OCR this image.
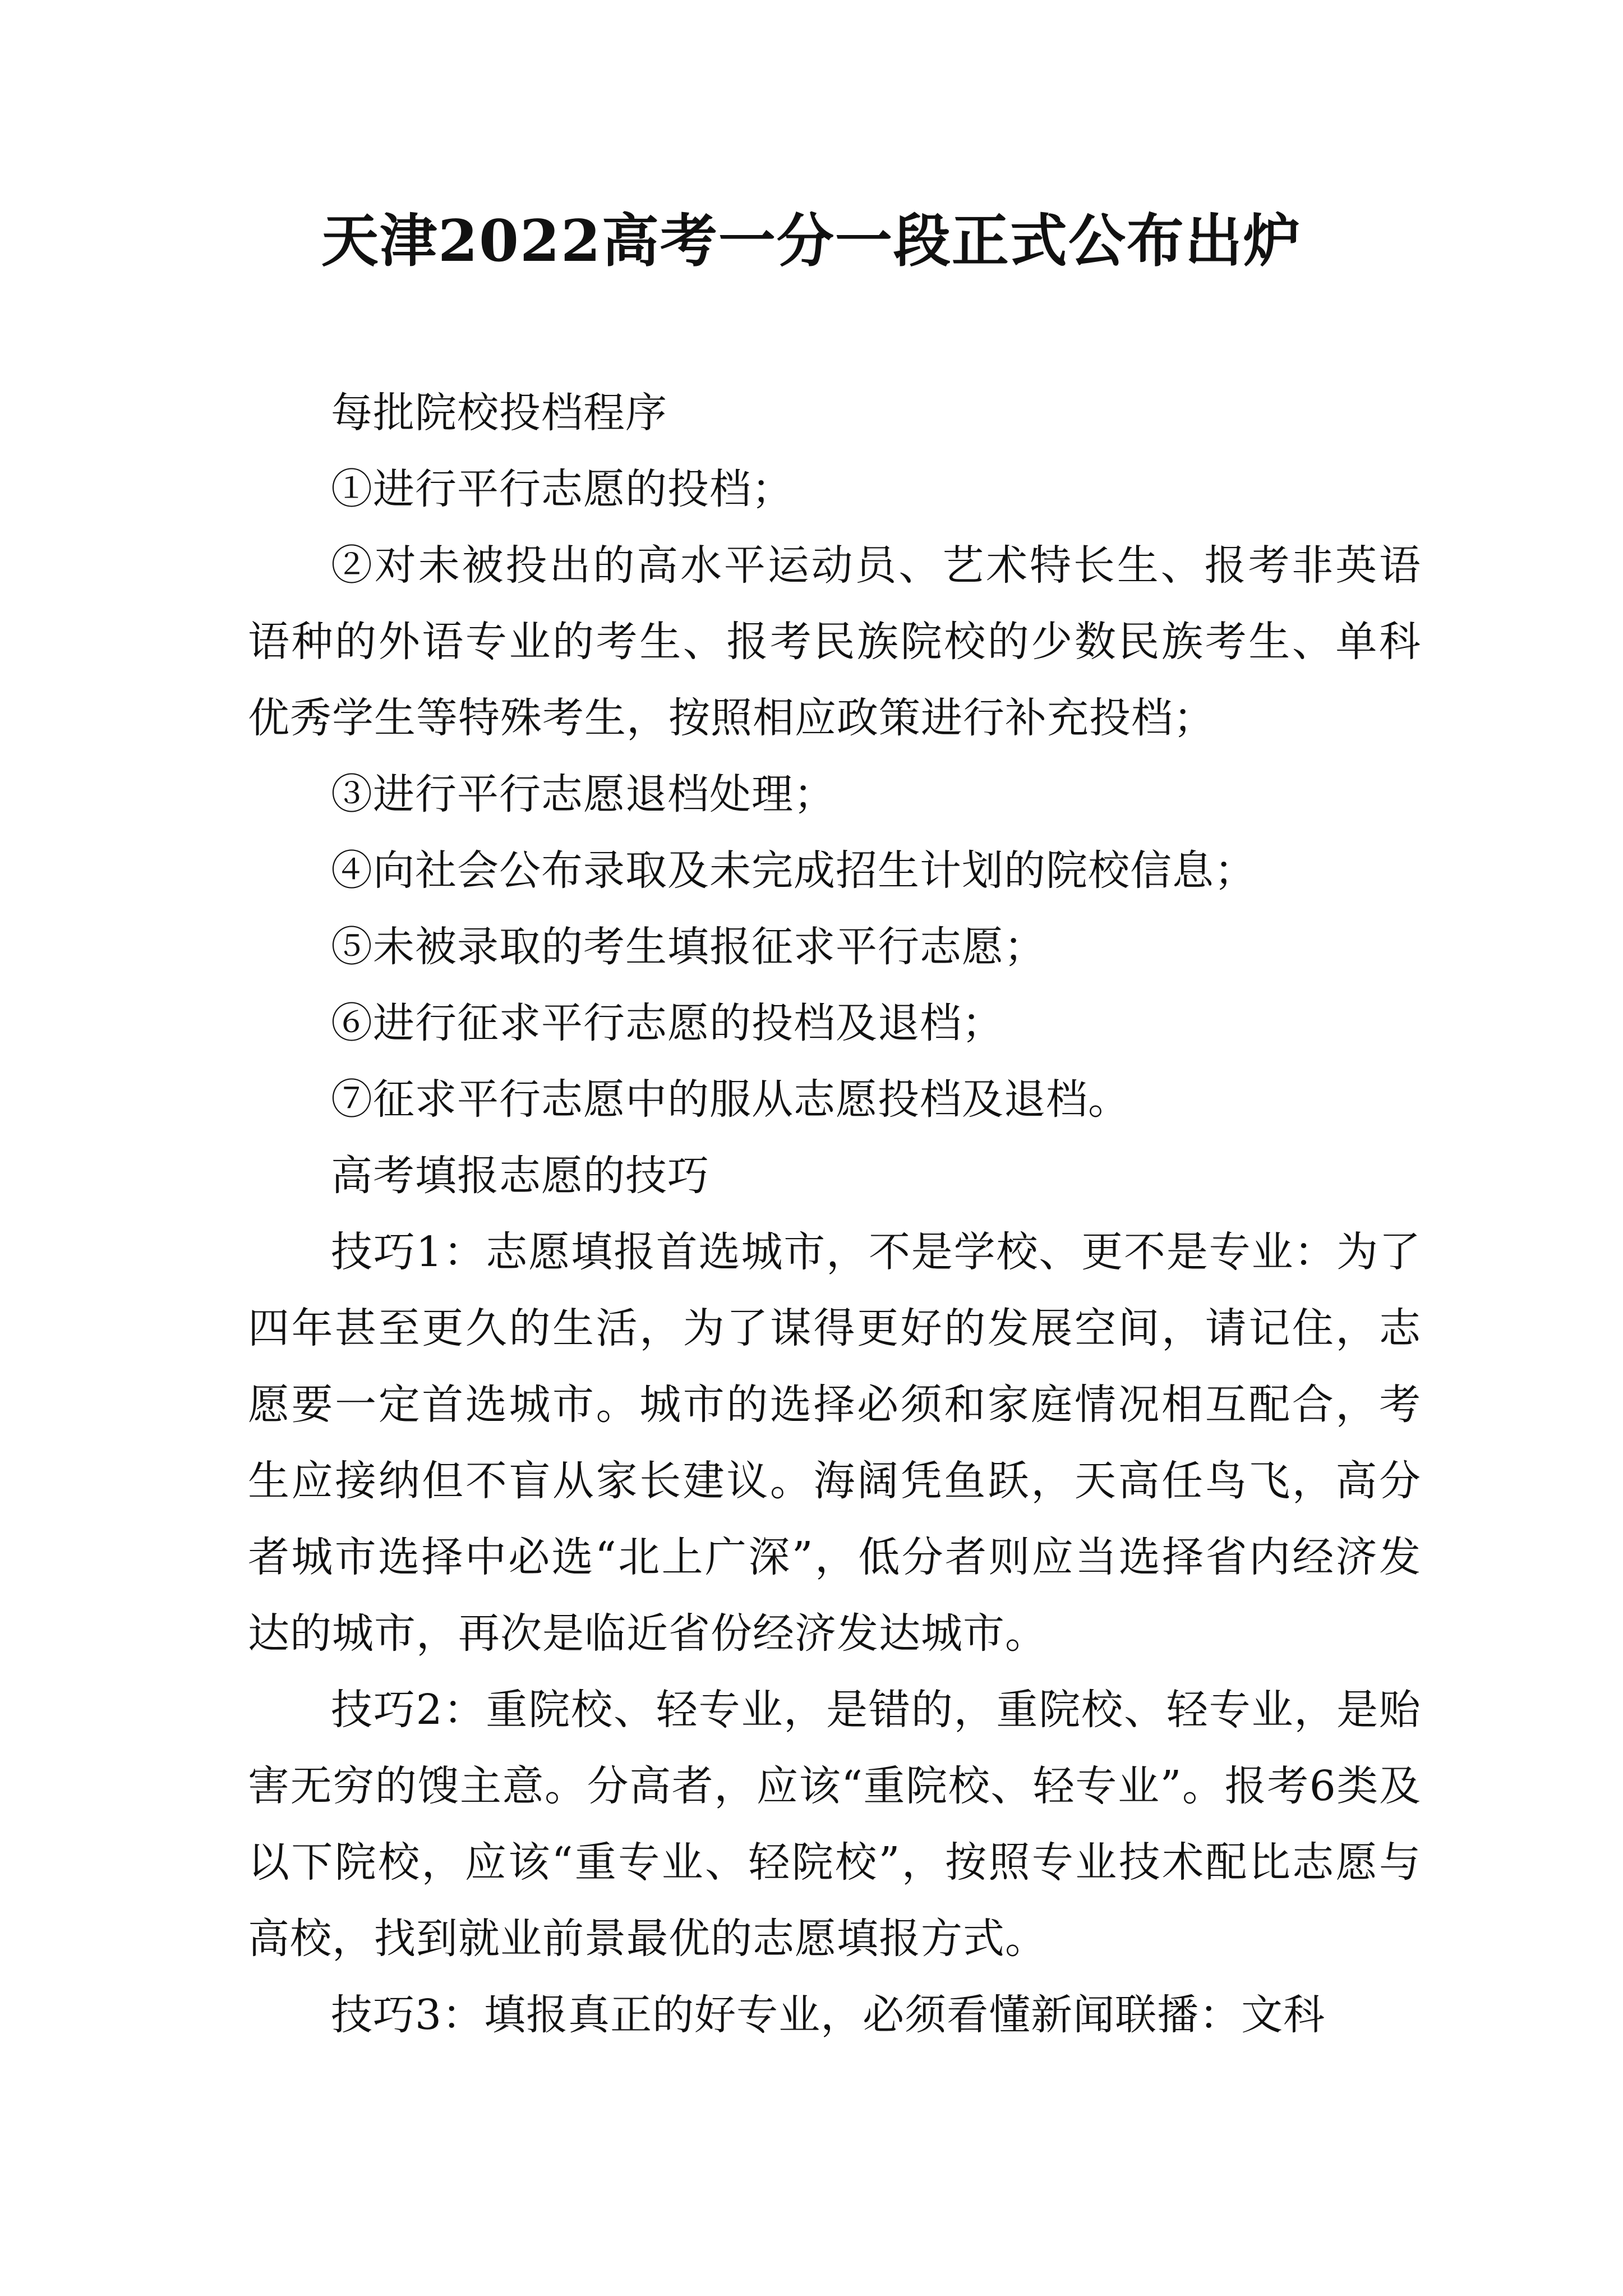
天津2022高考一分一段正式公布出炉

每批院校投档程序

①进行平行志愿的投档；

②对未被投出的高水平运动员、艺术特长生、报考非英语语种的外语专业的考生、报考民族院校的少数民族考生、单科 优秀学生等特殊考生，按照相应政策进行补充投档；

③进行平行志愿退档处理；

④向社会公布录取及未完成招生计划的院校信息；

⑤未被录取的考生填报征求平行志愿；

⑥进行征求平行志愿的投档及退档；

⑦征求平行志愿中的服从志愿投档及退档。

高考填报志愿的技巧

技巧1：志愿填报首选城市，不是学校、更不是专业：为了四年甚至更久的生活，为了谋得更好的发展空间，请记住，志愿要一定首选城市。城市的选择必须和家庭情况相互配合，考生应接纳但不盲从家长建议。海阔凭鱼跃，天高任鸟飞，高分者城市选择中必选“北上广深”，低分者则应当选择省内经济发达的城市，再次是临近省份经济发达城市。

技巧2：重院校、轻专业，是错的，重院校、轻专业，是贻害无穷的馊主意。分高者，应该“重院校、轻专业”。报考6类及以下院校，应该“重专业、轻院校”，按照专业技术配比志愿与高校，找到就业前景最优的志愿填报方式。

技巧3：填报真正的好专业，必须看懂新闻联播：文科
